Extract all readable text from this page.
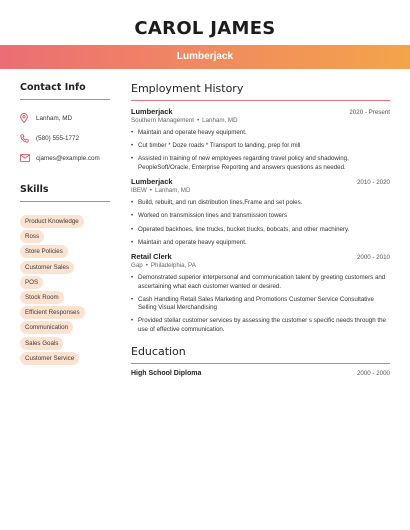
CAROL JAMES
Lumberjack
Contact Info
Lanham, MD
(580) 555-1772
cjames@example.com
Skills
Product Knowledge
Ross
Store Policies
Customer Sales
POS
Stock Room
Efficient Responses
Communication
Sales Goals
Customer Service
Employment History
Lumberjack	2020 - Present
Southern Management • Lanham, MD
• Maintain and operate heavy equipment.
• Cut timber * Doze roads * Transport to landing, prep for mill
• Assisted in training of new employees regarding travel policy and shadowing, PeopleSoft/Oracle, Enterprise Reporting and answers questions as needed.
Lumberjack	2010 - 2020
IBEW • Lanham, MD
• Build, rebuilt, and run distribution lines.Frame and set poles.
• Worked on transmission lines and transmission towers
• Operated backhoes, line trucks, bucket trucks, bobcats, and other machinery.
• Maintain and operate heavy equipment.
Retail Clerk	2000 - 2010
Gap • Philadelphia, PA
• Demonstrated superior interpersonal and communication talent by greeting customers and ascertaining what each customer wanted or desired.
• Cash Handling Retail Sales Marketing and Promotions Customer Service Consultative Selling Visual Merchandising
• Provided stellar customer services by assessing the customer s specific needs through the use of effective communication.
Education
High School Diploma	2000 - 2000
